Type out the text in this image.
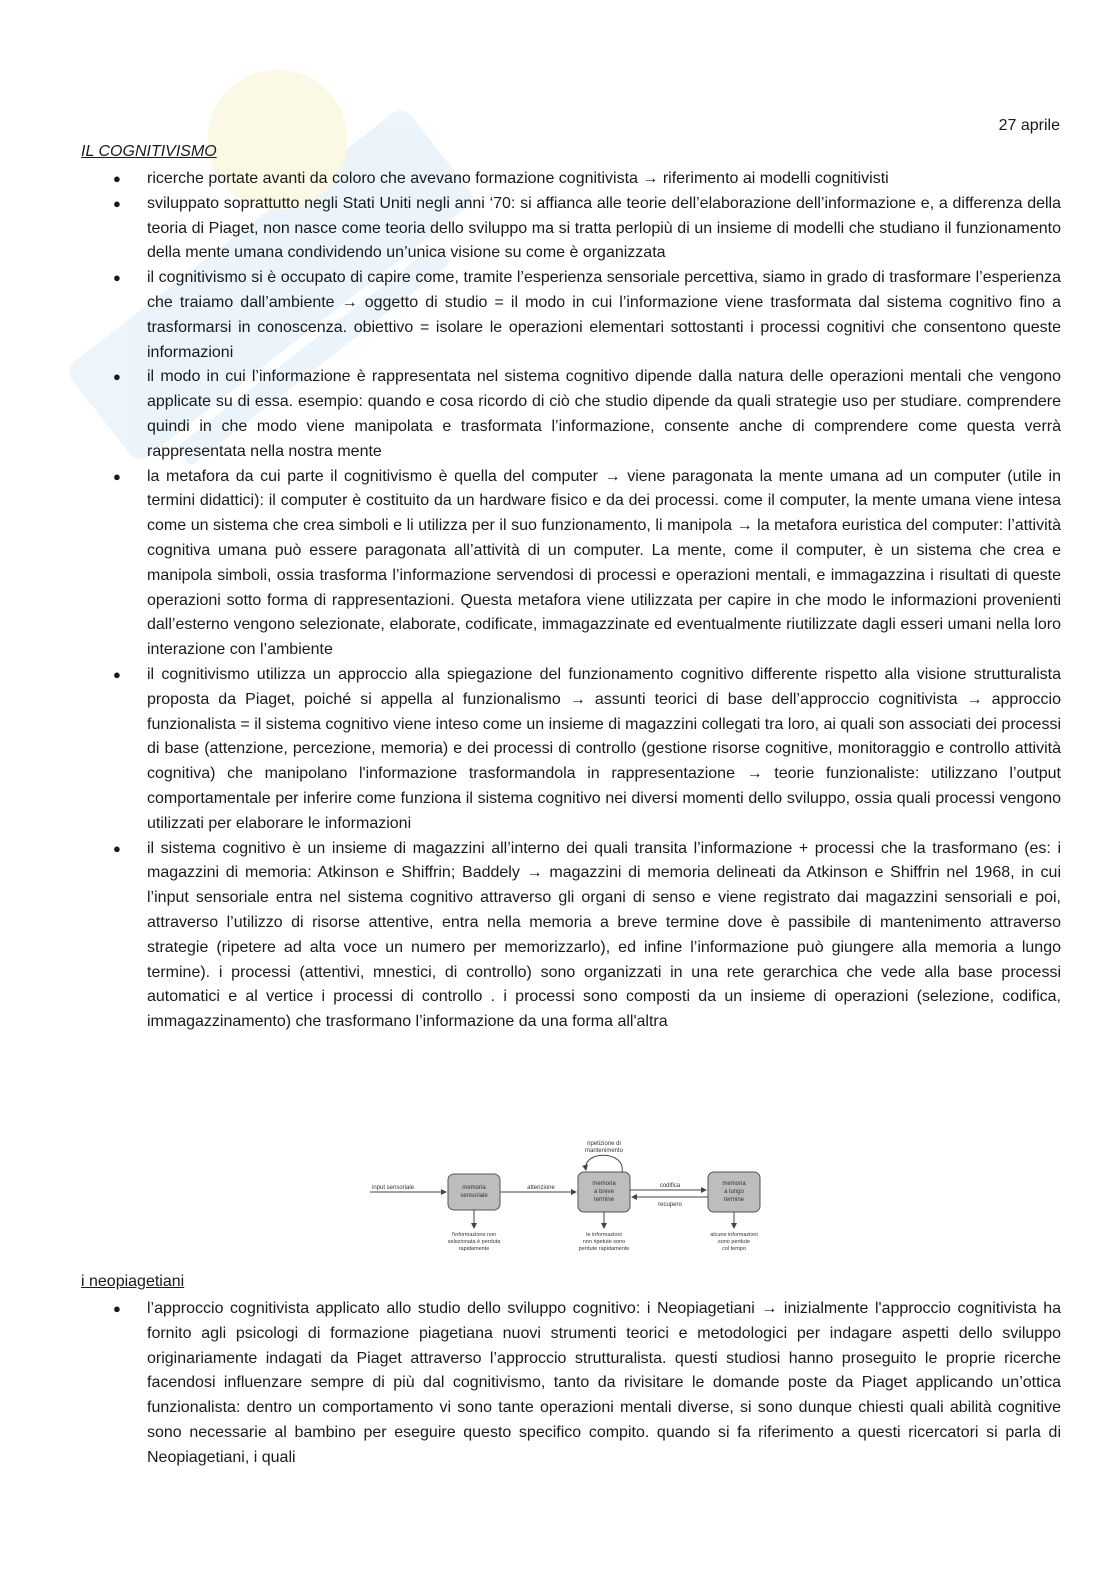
27 aprile
IL COGNITIVISMO
● ricerche portate avanti da coloro che avevano formazione cognitivista → riferimento ai modelli cognitivisti
● sviluppato soprattutto negli Stati Uniti negli anni ‘70: si affianca alle teorie dell’elaborazione dell’informazione e, a differenza della teoria di Piaget, non nasce come teoria dello sviluppo ma si tratta perlopiù di un insieme di modelli che studiano il funzionamento della mente umana condividendo un’unica visione su come è organizzata
● il cognitivismo si è occupato di capire come, tramite l’esperienza sensoriale percettiva, siamo in grado di trasformare l’esperienza che traiamo dall’ambiente → oggetto di studio = il modo in cui l’informazione viene trasformata dal sistema cognitivo fino a trasformarsi in conoscenza. obiettivo = isolare le operazioni elementari sottostanti i processi cognitivi che consentono queste informazioni
● il modo in cui l’informazione è rappresentata nel sistema cognitivo dipende dalla natura delle operazioni mentali che vengono applicate su di essa. esempio: quando e cosa ricordo di ciò che studio dipende da quali strategie uso per studiare. comprendere quindi in che modo viene manipolata e trasformata l’informazione, consente anche di comprendere come questa verrà rappresentata nella nostra mente
● la metafora da cui parte il cognitivismo è quella del computer → viene paragonata la mente umana ad un computer (utile in termini didattici): il computer è costituito da un hardware fisico e da dei processi. come il computer, la mente umana viene intesa come un sistema che crea simboli e li utilizza per il suo funzionamento, li manipola → la metafora euristica del computer: l’attività cognitiva umana può essere paragonata all’attività di un computer. La mente, come il computer, è un sistema che crea e manipola simboli, ossia trasforma l’informazione servendosi di processi e operazioni mentali, e immagazzina i risultati di queste operazioni sotto forma di rappresentazioni. Questa metafora viene utilizzata per capire in che modo le informazioni provenienti dall’esterno vengono selezionate, elaborate, codificate, immagazzinate ed eventualmente riutilizzate dagli esseri umani nella loro interazione con l’ambiente
● il cognitivismo utilizza un approccio alla spiegazione del funzionamento cognitivo differente rispetto alla visione strutturalista proposta da Piaget, poiché si appella al funzionalismo → assunti teorici di base dell’approccio cognitivista → approccio funzionalista = il sistema cognitivo viene inteso come un insieme di magazzini collegati tra loro, ai quali son associati dei processi di base (attenzione, percezione, memoria) e dei processi di controllo (gestione risorse cognitive, monitoraggio e controllo attività cognitiva) che manipolano l'informazione trasformandola in rappresentazione → teorie funzionaliste: utilizzano l’output comportamentale per inferire come funziona il sistema cognitivo nei diversi momenti dello sviluppo, ossia quali processi vengono utilizzati per elaborare le informazioni
● il sistema cognitivo è un insieme di magazzini all’interno dei quali transita l’informazione + processi che la trasformano (es: i magazzini di memoria: Atkinson e Shiffrin; Baddely → magazzini di memoria delineati da Atkinson e Shiffrin nel 1968, in cui l’input sensoriale entra nel sistema cognitivo attraverso gli organi di senso e viene registrato dai magazzini sensoriali e poi, attraverso l’utilizzo di risorse attentive, entra nella memoria a breve termine dove è passibile di mantenimento attraverso strategie (ripetere ad alta voce un numero per memorizzarlo), ed infine l’informazione può giungere alla memoria a lungo termine). i processi (attentivi, mnestici, di controllo) sono organizzati in una rete gerarchica che vede alla base processi automatici e al vertice i processi di controllo . i processi sono composti da un insieme di operazioni (selezione, codifica, immagazzinamento) che trasformano l’informazione da una forma all'altra
input sensoriale	memoria
sensoriale
attenzione
memoria
a breve
termine
ripetizione di
mantenimento
codifica
recupero
memoria
a lungo
termine
l'informazione non
selezionata è perduta
rapidamente
le informazioni
non ripetute sono
perdute rapidamente
alcune informazioni
sono perdute
col tempo
i neopiagetiani
● l’approccio cognitivista applicato allo studio dello sviluppo cognitivo: i Neopiagetiani → inizialmente l'approccio cognitivista ha fornito agli psicologi di formazione piagetiana nuovi strumenti teorici e metodologici per indagare aspetti dello sviluppo originariamente indagati da Piaget attraverso l’approccio strutturalista. questi studiosi hanno proseguito le proprie ricerche facendosi influenzare sempre di più dal cognitivismo, tanto da rivisitare le domande poste da Piaget applicando un’ottica funzionalista: dentro un comportamento vi sono tante operazioni mentali diverse, si sono dunque chiesti quali abilità cognitive sono necessarie al bambino per eseguire questo specifico compito. quando si fa riferimento a questi ricercatori si parla di Neopiagetiani, i quali
